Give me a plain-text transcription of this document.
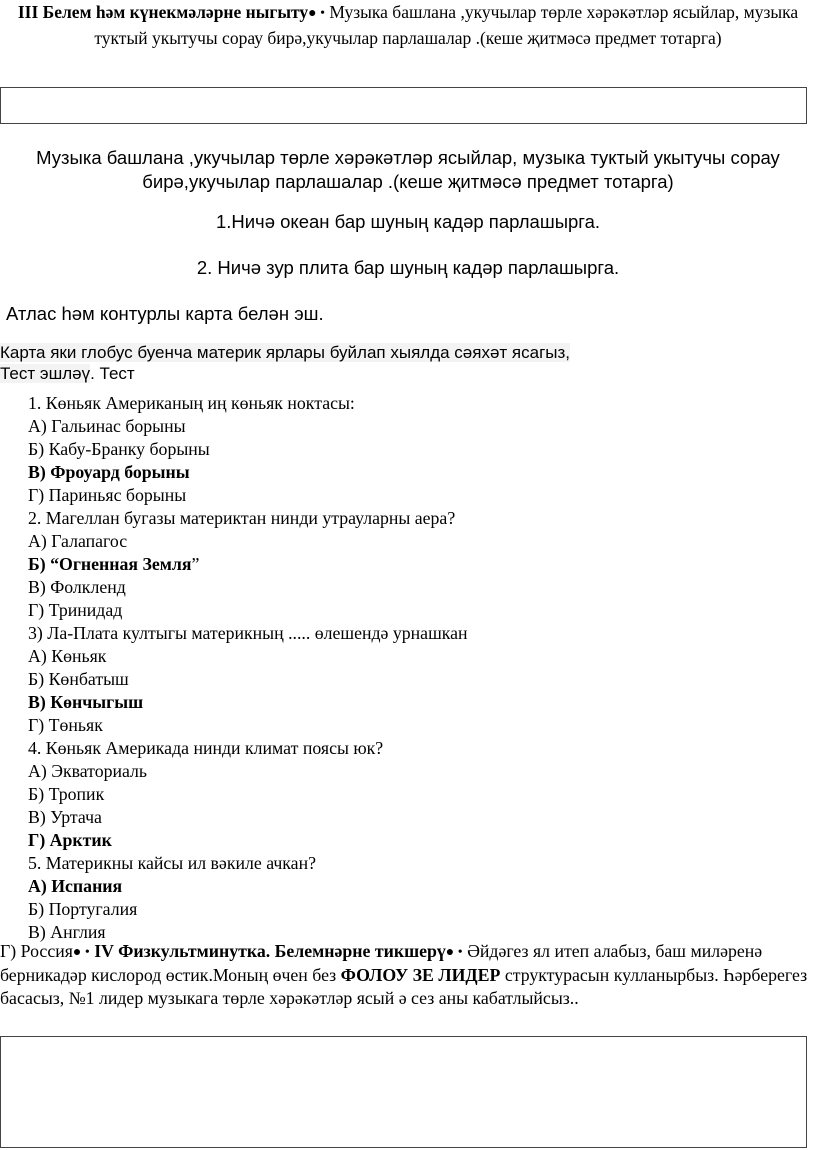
III Белем һәм күнекмәләрне ныгыту● • Музыка башлана ,укучылар төрле хәрәкәтләр ясыйлар, музыка туктый укытучы сорау бирә,укучылар парлашалар .(кеше җитмәсә предмет тотарга)
Музыка башлана ,укучылар төрле хәрәкәтләр ясыйлар, музыка туктый укытучы сорау бирә,укучылар парлашалар .(кеше җитмәсә предмет тотарга)
1.Ничә океан бар шуның кадәр парлашырга.
2. Ничә зур плита бар шуның кадәр парлашырга.
Атлас һәм контурлы карта белән эш.
Карта яки глобус буенча материк ярлары буйлап хыялда сәяхәт ясагыз,
Тест эшләү. Тест
1. Көньяк Американың иң көньяк ноктасы:
А) Гальинас борыны
Б) Кабу-Бранку борыны
В) Фроуард борыны
Г) Париньяс борыны
2. Магеллан бугазы материктан нинди утрауларны аера?
А) Галапагос
Б) “Огненная Земля”
В) Фолкленд
Г) Тринидад
3) Ла-Плата култыгы материкның ..... өлешендә урнашкан
А) Көньяк
Б) Көнбатыш
В) Көнчыгыш
Г) Төньяк
4. Көньяк Америкада нинди климат поясы юк?
А) Экваториаль
Б) Тропик
В) Уртача
Г) Арктик
5. Материкны кайсы ил вәкиле ачкан?
А) Испания
Б) Португалия
В) Англия
Г) Россия● • IV Физкультминутка. Белемнәрне тикшерү● • Әйдәгез ял итеп алабыз, баш миләренә берникадәр кислород өстик.Моның өчен без ФОЛОУ ЗЕ ЛИДЕР структурасын кулланырбыз. Һәрберегез басасыз, №1 лидер музыкага төрле хәрәкәтләр ясый ә сез аны кабатлыйсыз..
